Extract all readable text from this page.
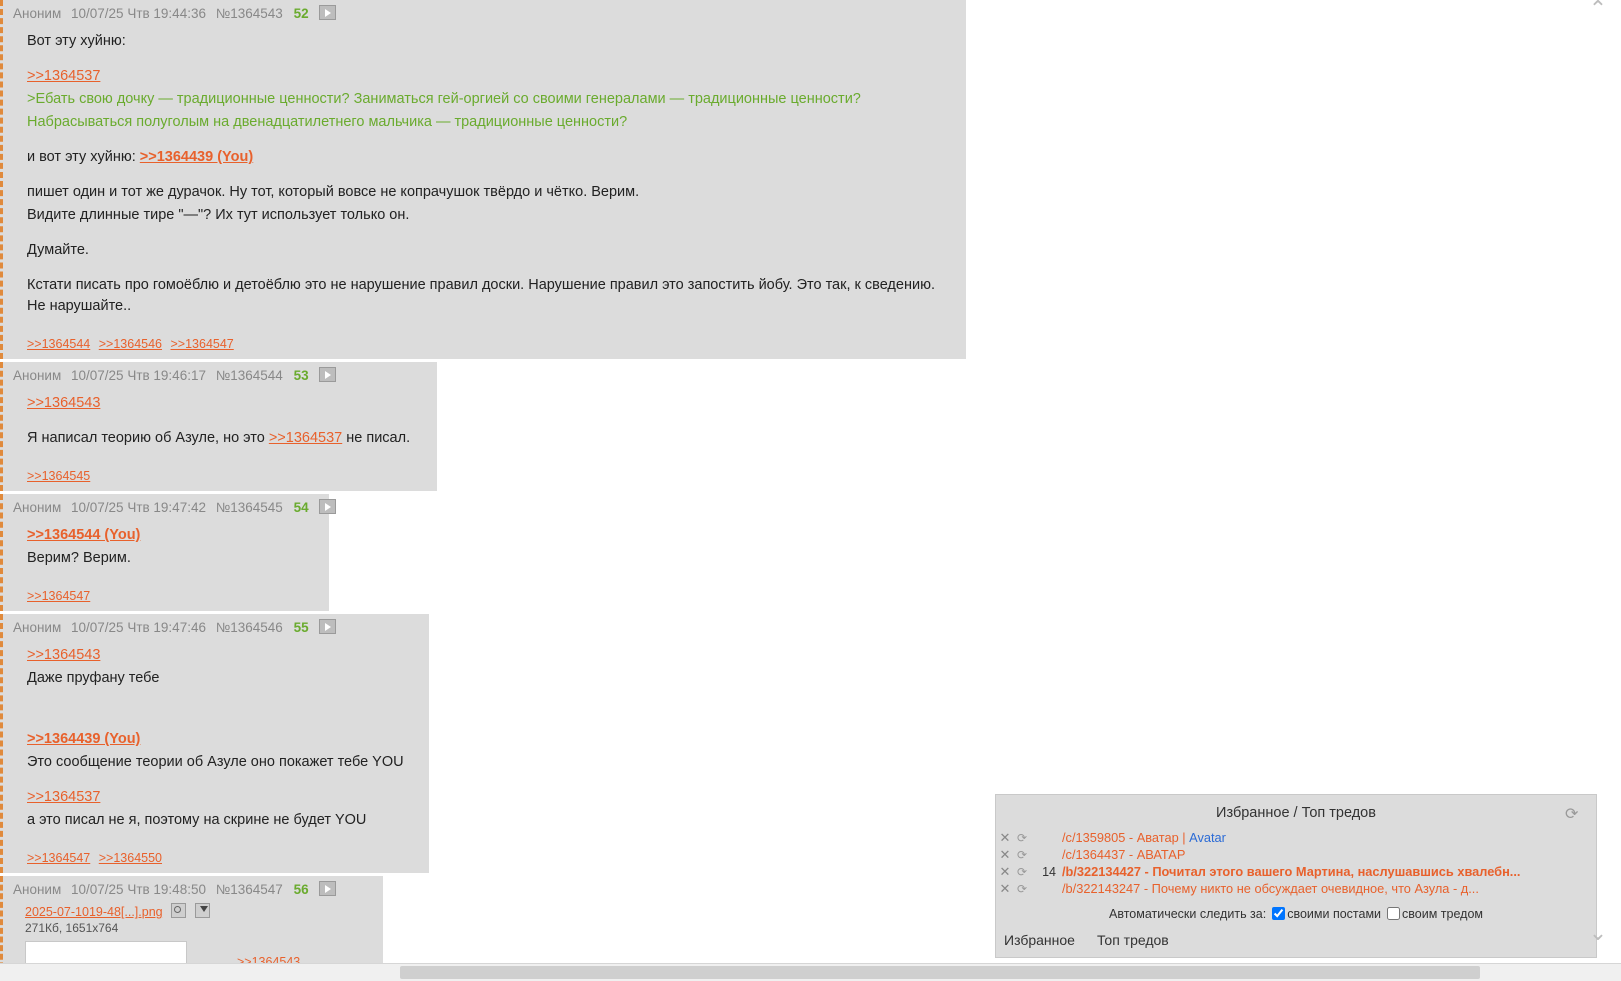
Аноним 10/07/25 Чтв 19:44:36 №1364543 52

Вот эту хуйню:

>>1364537

>Ебать свою дочку — традиционные ценности? Заниматься гей-оргией со своими генералами — традиционные ценности?

Набрасываться полуголым на двенадцатилетнего мальчика — традиционные ценности?

и вот эту хуйню: >>1364439 (You)

пишет один и тот же дурачок. Ну тот, который вовсе не копрачушок твёрдо и чётко. Верим.

Видите длинные тире "—"? Их тут использует только он.

Думайте.

Кстати писать про гомоёблю и детоёблю это не нарушение правил доски. Нарушение правил это запостить йобу. Это так, к сведению. Не нарушайте..

>>1364544 >>1364546 >>1364547
Аноним 10/07/25 Чтв 19:46:17 №1364544 53

>>1364543

Я написал теорию об Азуле, но это >>1364537 не писал.

>>1364545
Аноним 10/07/25 Чтв 19:47:42 №1364545 54

>>1364544 (You)

Верим? Верим.

>>1364547
Аноним 10/07/25 Чтв 19:47:46 №1364546 55

>>1364543

Даже пруфану тебе

>>1364439 (You)

Это сообщение теории об Азуле оно покажет тебе YOU

>>1364537

а это писал не я, поэтому на скрине не будет YOU

>>1364547 >>1364550
Аноним 10/07/25 Чтв 19:48:50 №1364547 56
2025-07-1019-48[...].png
271Кб, 1651x764
Избранное / Топ тредов
⟳
✕ ⟳	/c/1359805 - Аватар | Avatar
✕ ⟳	/c/1364437 - АВАТАР
✕ ⟳	14 /b/322134427 - Почитал этого вашего Мартина, наслушавшись хвалебн...
✕ ⟳	/b/322143247 - Почему никто не обсуждает очевидное, что Азула - д...
Автоматически следить за:	своими постами	своим тредом
Избранное Топ тредов
⌃
⌄
